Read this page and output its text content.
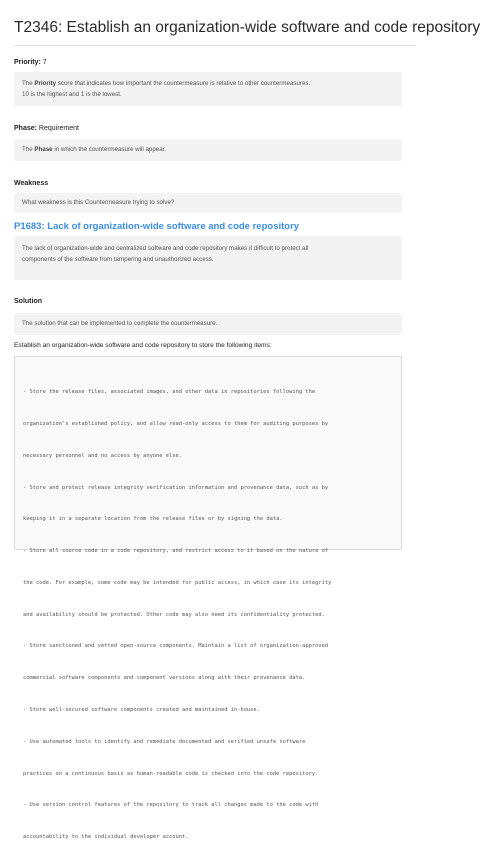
T2346: Establish an organization-wide software and code repository
Priority: 7
The Priority score that indicates how important the countermeasure is relative to other countermeasures.
10 is the highest and 1 is the lowest.
Phase: Requirement
The Phase in which the countermeasure will appear.
Weakness
What weakness is this Countermeasure trying to solve?
P1683: Lack of organization-wide software and code repository
The lack of organization-wide and centralized software and code repository makes it difficult to protect all
components of the software from tampering and unauthorized access.
Solution
The solution that can be implemented to complete the countermeasure.
Establish an organization-wide software and code repository to store the following items:

- Store the release files, associated images, and other data in repositories following the

organization's established policy, and allow read-only access to them for auditing purposes by

necessary personnel and no access by anyone else.

- Store and protect release integrity verification information and provenance data, such as by

keeping it in a separate location from the release files or by signing the data.

- Store all source code in a code repository, and restrict access to it based on the nature of

the code. For example, some code may be intended for public access, in which case its integrity

and availability should be protected. Other code may also need its confidentiality protected.

- Store sanctioned and vetted open-source components. Maintain a list of organization-approved

commercial software components and component versions along with their provenance data.

- Store well-secured software components created and maintained in-house.

- Use automated tools to identify and remediate documented and verified unsafe software

practices on a continuous basis as human-readable code is checked into the code repository.

- Use version control features of the repository to track all changes made to the code with

accountability to the individual developer account.
